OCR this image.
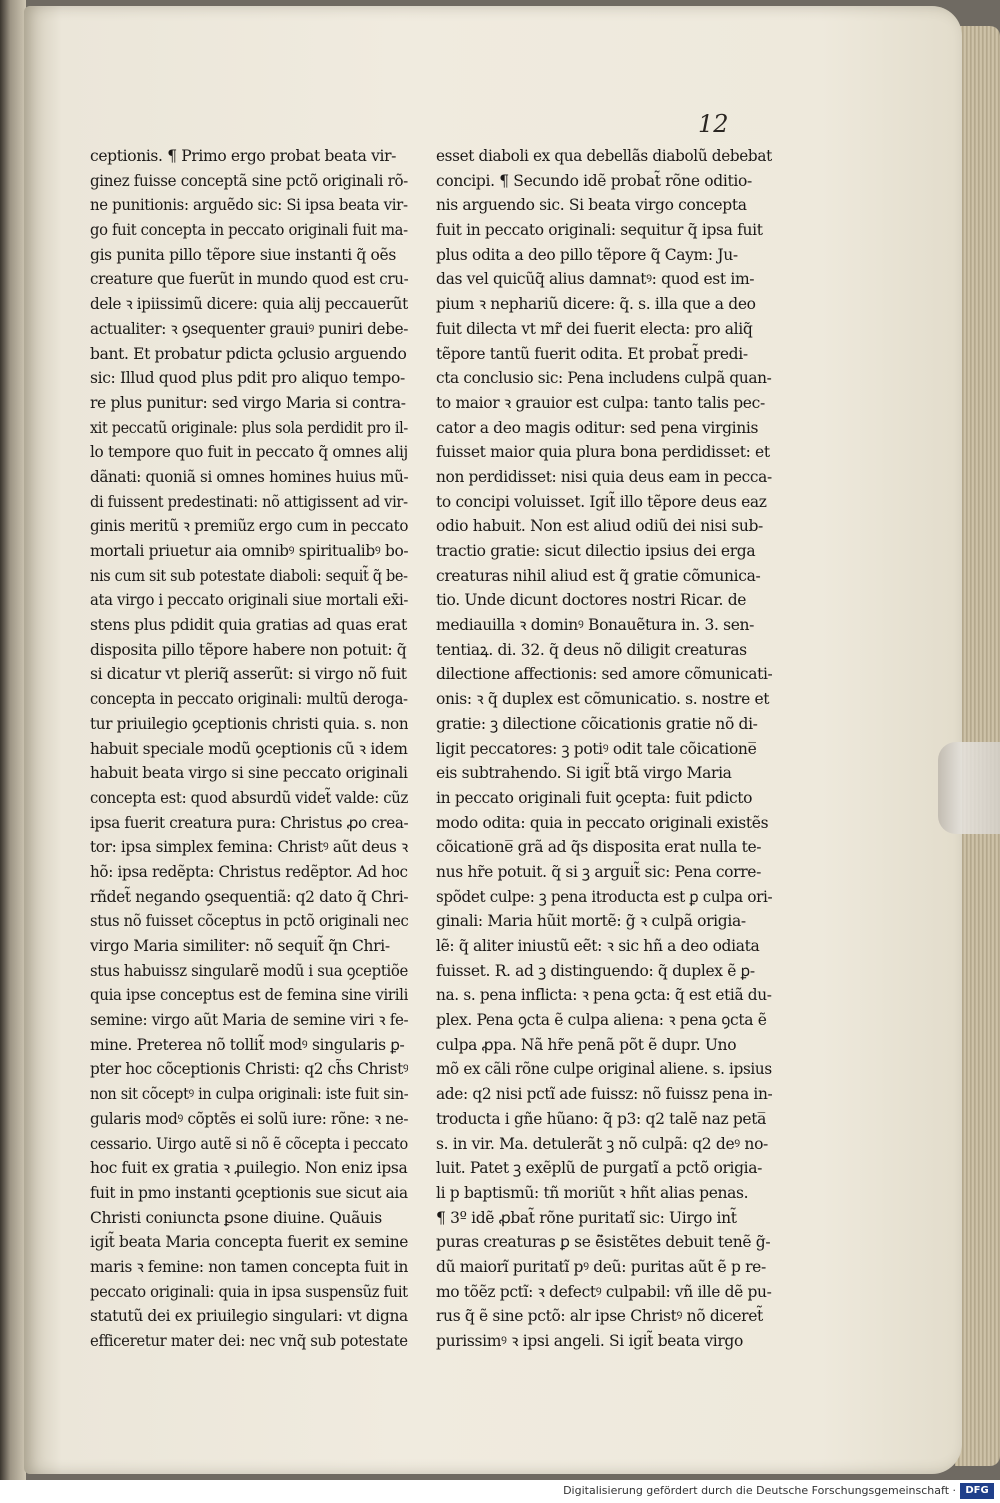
12
ceptionis. ¶ Primo ergo probat beata vir-
ginez fuisse conceptã sine pctõ originali rõ-
ne punitionis: arguẽdo sic: Si ipsa beata vir-
go fuit concepta in peccato originali fuit ma-
gis punita pillo tẽpore siue instanti q̃ oẽs
creature que fuerũt in mundo quod est cru-
dele ꝛ ipiissimũ dicere: quia alij peccauerũt
actualiter: ꝛ ꝯsequenter grauiꝰ puniri debe-
bant. Et probatur pdicta ꝯclusio arguendo
sic: Illud quod plus pdit pro aliquo tempo-
re plus punitur: sed virgo Maria si contra-
xit peccatũ originale: plus sola perdidit pro il-
lo tempore quo fuit in peccato q̃ omnes alij
dãnati: quoniã si omnes homines huius mũ-
di fuissent predestinati: nõ attigissent ad vir-
ginis meritũ ꝛ premiũz ergo cum in peccato
mortali priuetur aia omnibꝰ spiritualibꝰ bo-
nis cum sit sub potestate diaboli: sequit̃ q̃ be-
ata virgo i peccato originali siue mortali ex̄i-
stens plus pdidit quia gratias ad quas erat
disposita pillo tẽpore habere non potuit: q̃
si dicatur vt pleriq̃ asserũt: si virgo nõ fuit
concepta in peccato originali: multũ deroga-
tur priuilegio ꝯceptionis christi quia. s. non
habuit speciale modũ ꝯceptionis cũ ꝛ idem
habuit beata virgo si sine peccato originali
concepta est: quod absurdũ videt̃ valde: cũz
ipsa fuerit creatura pura: Christus ꝓo crea-
tor: ipsa simplex femina: Christꝰ aũt deus ꝛ
hõ: ipsa redẽpta: Christus redẽptor. Ad hoc
rñdet̃ negando ꝯsequentiã: q2 dato q̃ Chri-
stus nõ fuisset cõceptus in pctõ originali nec
virgo Maria similiter: nõ sequit̃ q̃n Chri-
stus habuissz singularẽ modũ i sua ꝯceptiõe
quia ipse conceptus est de femina sine virili
semine: virgo aũt Maria de semine viri ꝛ fe-
mine. Preterea nõ tollit̃ modꝰ singularis ꝑ-
pter hoc cõceptionis Christi: q2 ch̃s Christꝰ
non sit cõceptꝰ in culpa originali: iste fuit sin-
gularis modꝰ cõptẽs ei solũ iure: rõne: ꝛ ne-
cessario. Uirgo autẽ si nõ ẽ cõcepta i peccato
hoc fuit ex gratia ꝛ ꝓuilegio. Non eniz ipsa
fuit in pmo instanti ꝯceptionis sue sicut aia
Christi coniuncta ꝑsone diuine. Quãuis
igit̃ beata Maria concepta fuerit ex semine
maris ꝛ femine: non tamen concepta fuit in
peccato originali: quia in ipsa suspensũz fuit
statutũ dei ex priuilegio singulari: vt digna
efficeretur mater dei: nec vnq̃ sub potestate
esset diaboli ex qua debellãs diabolũ debebat
concipi. ¶ Secundo idẽ probat̃ rõne oditio-
nis arguendo sic. Si beata virgo concepta
fuit in peccato originali: sequitur q̃ ipsa fuit
plus odita a deo pillo tẽpore q̃ Caym: Ju-
das vel quicũq̃ alius damnatꝰ: quod est im-
pium ꝛ nephariũ dicere: q̃. s. illa que a deo
fuit dilecta vt mr̃ dei fuerit electa: pro aliq̃
tẽpore tantũ fuerit odita. Et probat̃ predi-
cta conclusio sic: Pena includens culpã quan-
to maior ꝛ grauior est culpa: tanto talis pec-
cator a deo magis oditur: sed pena virginis
fuisset maior quia plura bona perdidisset: et
non perdidisset: nisi quia deus eam in pecca-
to concipi voluisset. Igit̃ illo tẽpore deus eaz
odio habuit. Non est aliud odiũ dei nisi sub-
tractio gratie: sicut dilectio ipsius dei erga
creaturas nihil aliud est q̃ gratie cõmunica-
tio. Unde dicunt doctores nostri Ricar. de
mediauilla ꝛ dominꝰ Bonauẽtura in. 3. sen-
tentiaꝝ. di. 32. q̃ deus nõ diligit creaturas
dilectione affectionis: sed amore cõmunicati-
onis: ꝛ q̃ duplex est cõmunicatio. s. nostre et
gratie: ꝫ dilectione cõicationis gratie nõ di-
ligit peccatores: ꝫ potiꝰ odit tale cõicatione̅
eis subtrahendo. Si igit̃ btã virgo Maria
in peccato originali fuit ꝯcepta: fuit pdicto
modo odita: quia in peccato originali existẽs
cõicatione̅ grã ad q̃s disposita erat nulla te-
nus hr̃e potuit. q̃ si ꝫ arguit̃ sic: Pena corre-
spõdet culpe: ꝫ pena itroducta est ꝑ culpa ori-
ginali: Maria hũit mortẽ: g̃ ꝛ culpã origia-
lẽ: q̃ aliter iniustũ eẽt: ꝛ sic hñ a deo odiata
fuisset. R. ad ꝫ distinguendo: q̃ duplex ẽ ꝑ-
na. s. pena inflicta: ꝛ pena ꝯcta: q̃ est etiã du-
plex. Pena ꝯcta ẽ culpa aliena: ꝛ pena ꝯcta ẽ
culpa ꝓpa. Nã hr̃e penã põt ẽ dupr. Uno
mõ ex cãli rõne culpe originaĺ aliene. s. ipsius
ade: q2 nisi pctĩ ade fuissz: nõ fuissz pena in-
troducta i gñe hũano: q̃ p3: q2 talẽ naz peta̅
s. in vir. Ma. detulerãt ꝫ nõ culpã: q2 deꝰ no-
luit. Patet ꝫ exẽplũ de purgatĩ a pctõ origia-
li p baptismũ: tñ moriũt ꝛ hñt alias penas.
¶ 3º idẽ ꝓbat̃ rõne puritatĩ sic: Uirgo int̃
puras creaturas ꝑ se ẽ̃sistẽtes debuit tenẽ g̃-
dũ maiorĩ puritatĩ pꝰ deũ: puritas aũt ẽ p re-
mo tõẽz pctĩ: ꝛ defectꝰ culpabil: vñ ille dẽ pu-
rus q̃ ẽ sine pctõ: alr ipse Christꝰ nõ diceret̃
purissimꝰ ꝛ ipsi angeli. Si igit̃ beata virgo
Digitalisierung gefördert durch die Deutsche Forschungsgemeinschaft · DFG
